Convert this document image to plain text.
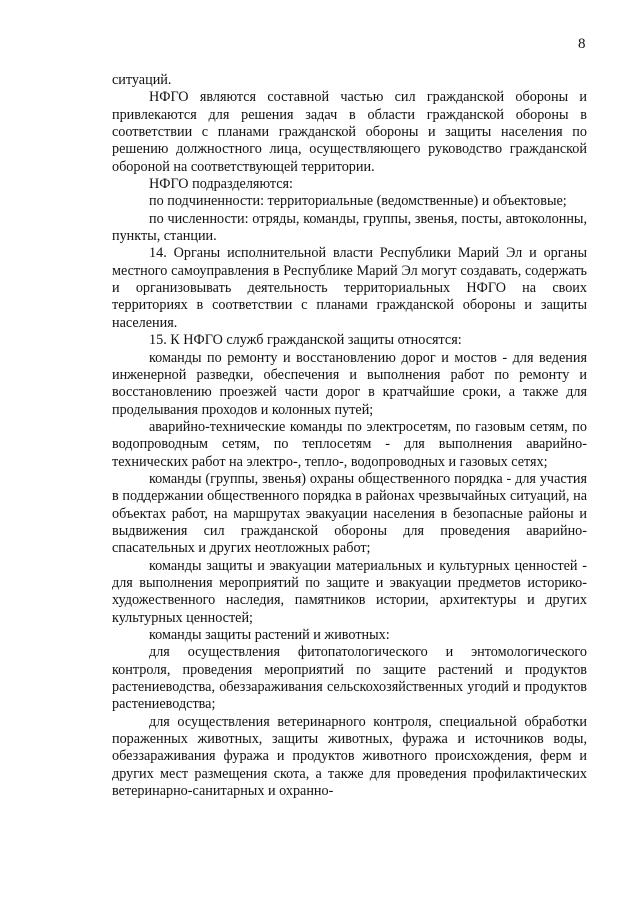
8

ситуаций.

НФГО являются составной частью сил гражданской обороны и привлекаются для решения задач в области гражданской обороны в соответствии с планами гражданской обороны и защиты населения по решению должностного лица, осуществляющего руководство гражданской обороной на соответствующей территории.

НФГО подразделяются:

по подчиненности: территориальные (ведомственные) и объектовые;

по численности: отряды, команды, группы, звенья, посты, автоколонны, пункты, станции.

14. Органы исполнительной власти Республики Марий Эл и органы местного самоуправления в Республике Марий Эл могут создавать, содержать и организовывать деятельность территориальных НФГО на своих территориях в соответствии с планами гражданской обороны и защиты населения.

15. К НФГО служб гражданской защиты относятся:

команды по ремонту и восстановлению дорог и мостов - для ведения инженерной разведки, обеспечения и выполнения работ по ремонту и восстановлению проезжей части дорог в кратчайшие сроки, а также для проделывания проходов и колонных путей;

аварийно-технические команды по электросетям, по газовым сетям, по водопроводным сетям, по теплосетям - для выполнения аварийно-технических работ на электро-, тепло-, водопроводных и газовых сетях;

команды (группы, звенья) охраны общественного порядка - для участия в поддержании общественного порядка в районах чрезвычайных ситуаций, на объектах работ, на маршрутах эвакуации населения в безопасные районы и выдвижения сил гражданской обороны для проведения аварийно-спасательных и других неотложных работ;

команды защиты и эвакуации материальных и культурных ценностей - для выполнения мероприятий по защите и эвакуации предметов историко-художественного наследия, памятников истории, архитектуры и других культурных ценностей;

команды защиты растений и животных:

для осуществления фитопатологического и энтомологического контроля, проведения мероприятий по защите растений и продуктов растениеводства, обеззараживания сельскохозяйственных угодий и продуктов растениеводства;

для осуществления ветеринарного контроля, специальной обработки пораженных животных, защиты животных, фуража и источников воды, обеззараживания фуража и продуктов животного происхождения, ферм и других мест размещения скота, а также для проведения профилактических ветеринарно-санитарных и охранно-
